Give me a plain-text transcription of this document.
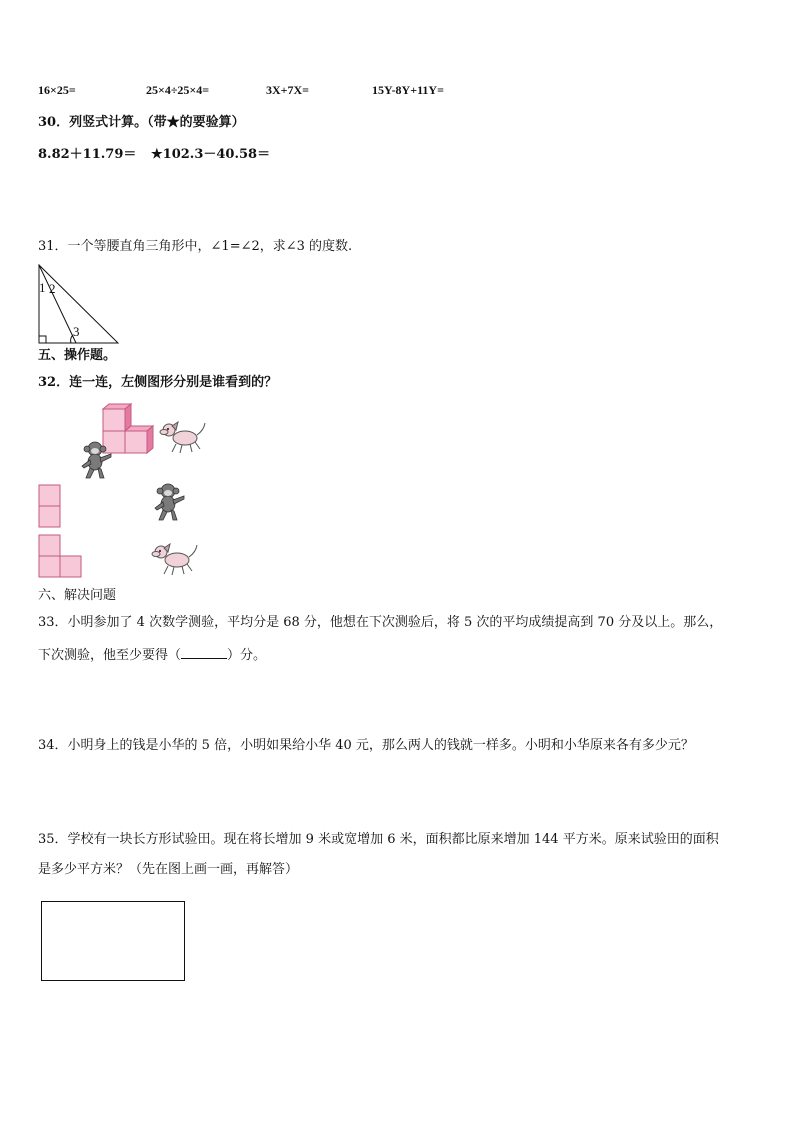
16×25=	25×4÷25×4=	3X+7X=	15Y-8Y+11Y=
30．列竖式计算。（带★的要验算）
8.82＋11.79＝ ★102.3－40.58＝
31．一个等腰直角三角形中，∠1=∠2，求∠3 的度数.
1 2
3
五、操作题。
32．连一连，左侧图形分别是谁看到的？
六、解决问题
33．小明参加了 4 次数学测验，平均分是 68 分，他想在下次测验后，将 5 次的平均成绩提高到 70 分及以上。那么，
下次测验，他至少要得（	）分。
34．小明身上的钱是小华的 5 倍，小明如果给小华 40 元，那么两人的钱就一样多。小明和小华原来各有多少元？
35．学校有一块长方形试验田。现在将长增加 9 米或宽增加 6 米，面积都比原来增加 144 平方米。原来试验田的面积
是多少平方米？（先在图上画一画，再解答）
